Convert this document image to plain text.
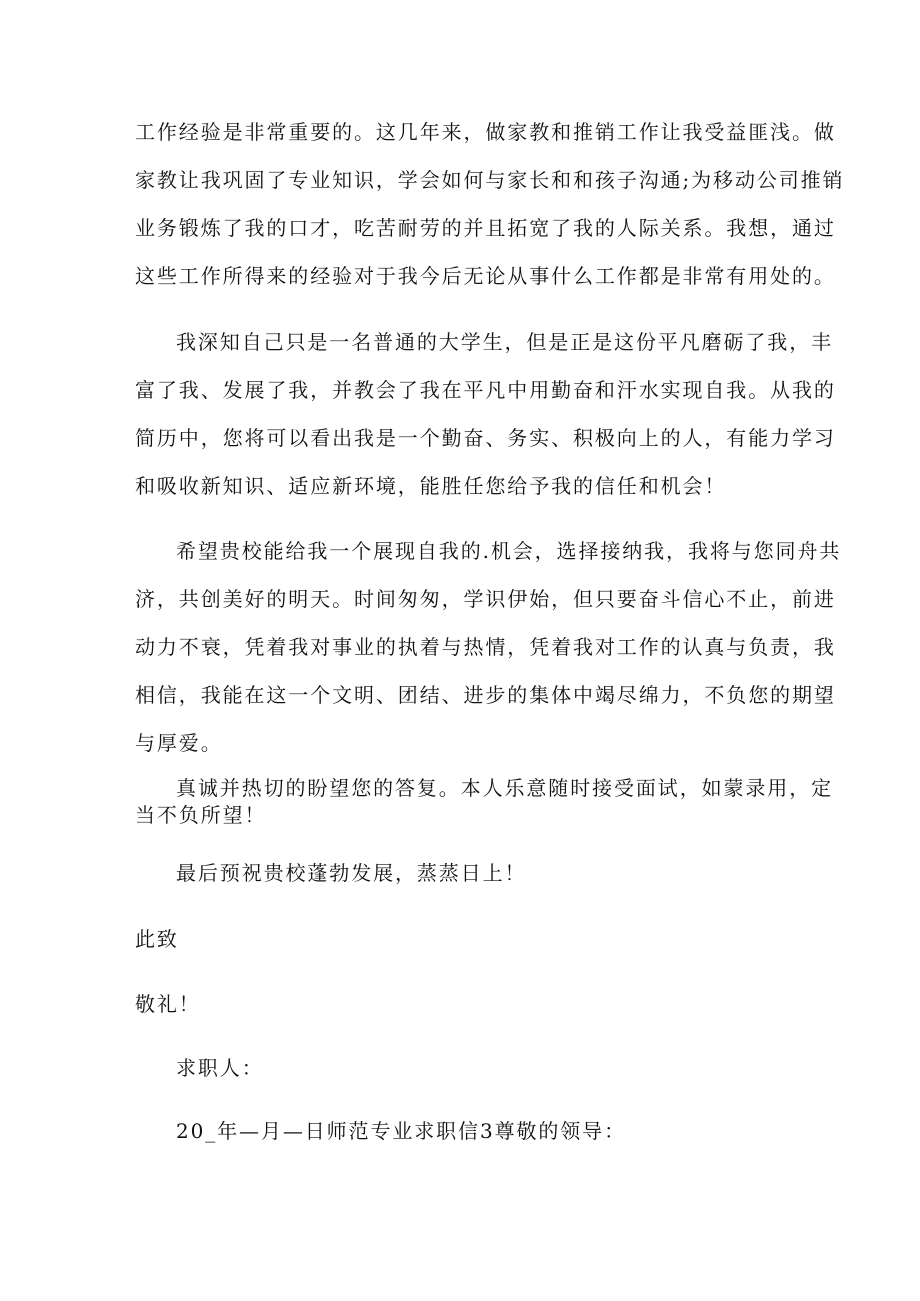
工作经验是非常重要的。这几年来，做家教和推销工作让我受益匪浅。做
家教让我巩固了专业知识，学会如何与家长和和孩子沟通;为移动公司推销
业务锻炼了我的口才，吃苦耐劳的并且拓宽了我的人际关系。我想，通过
这些工作所得来的经验对于我今后无论从事什么工作都是非常有用处的。
我深知自己只是一名普通的大学生，但是正是这份平凡磨砺了我，丰
富了我、发展了我，并教会了我在平凡中用勤奋和汗水实现自我。从我的
简历中，您将可以看出我是一个勤奋、务实、积极向上的人，有能力学习
和吸收新知识、适应新环境，能胜任您给予我的信任和机会！
希望贵校能给我一个展现自我的.机会，选择接纳我，我将与您同舟共
济，共创美好的明天。时间匆匆，学识伊始，但只要奋斗信心不止，前进
动力不衰，凭着我对事业的执着与热情，凭着我对工作的认真与负责，我
相信，我能在这一个文明、团结、进步的集体中竭尽绵力，不负您的期望
与厚爱。
真诚并热切的盼望您的答复。本人乐意随时接受面试，如蒙录用，定
当不负所望！
最后预祝贵校蓬勃发展，蒸蒸日上！
此致
敬礼！
求职人：
20_年—月—日师范专业求职信3尊敬的领导：
